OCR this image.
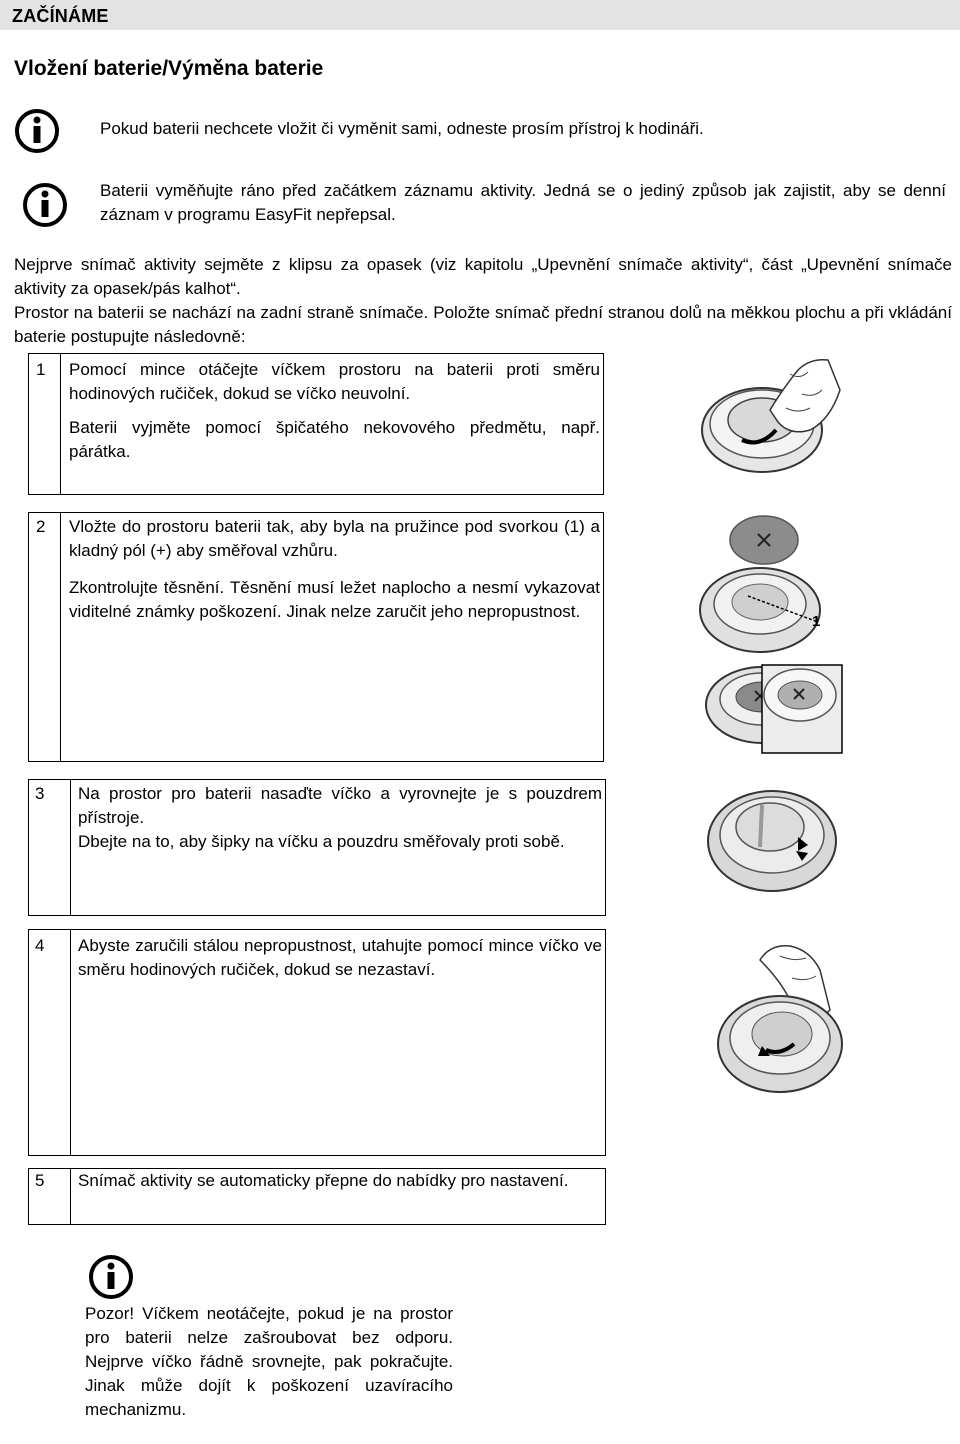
ZAČÍNÁME
Vložení baterie/Výměna baterie
Pokud baterii nechcete vložit či vyměnit sami, odneste prosím přístroj k hodináři.
Baterii vyměňujte ráno před začátkem záznamu aktivity. Jedná se o jediný způsob jak zajistit, aby se denní záznam v programu EasyFit nepřepsal.
Nejprve snímač aktivity sejměte z klipsu za opasek (viz kapitolu „Upevnění snímače aktivity“, část „Upevnění snímače aktivity za opasek/pás kalhot“.
Prostor na baterii se nachází na zadní straně snímače. Položte snímač přední stranou dolů na měkkou plochu a při vkládání baterie postupujte následovně:
1 Pomocí mince otáčejte víčkem prostoru na baterii proti směru hodinových ručiček, dokud se víčko neuvolní.

Baterii vyjměte pomocí špičatého nekovového předmětu, např. párátka.

2 Vložte do prostoru baterii tak, aby byla na pružince pod svorkou (1) a kladný pól (+) aby směřoval vzhůru.

Zkontrolujte těsnění. Těsnění musí ležet naplocho a nesmí vykazovat viditelné známky poškození. Jinak nelze zaručit jeho nepropustnost.

1
3 Na prostor pro baterii nasaďte víčko a vyrovnejte je s pouzdrem přístroje.

Dbejte na to, aby šipky na víčku a pouzdru směřovaly proti sobě.

4 Abyste zaručili stálou nepropustnost, utahujte pomocí mince víčko ve směru hodinových ručiček, dokud se nezastaví.

5 Snímač aktivity se automaticky přepne do nabídky pro nastavení.

Pozor! Víčkem neotáčejte, pokud je na prostor pro baterii nelze zašroubovat bez odporu. Nejprve víčko řádně srovnejte, pak pokračujte. Jinak může dojít k poškození uzavíracího mechanizmu.
